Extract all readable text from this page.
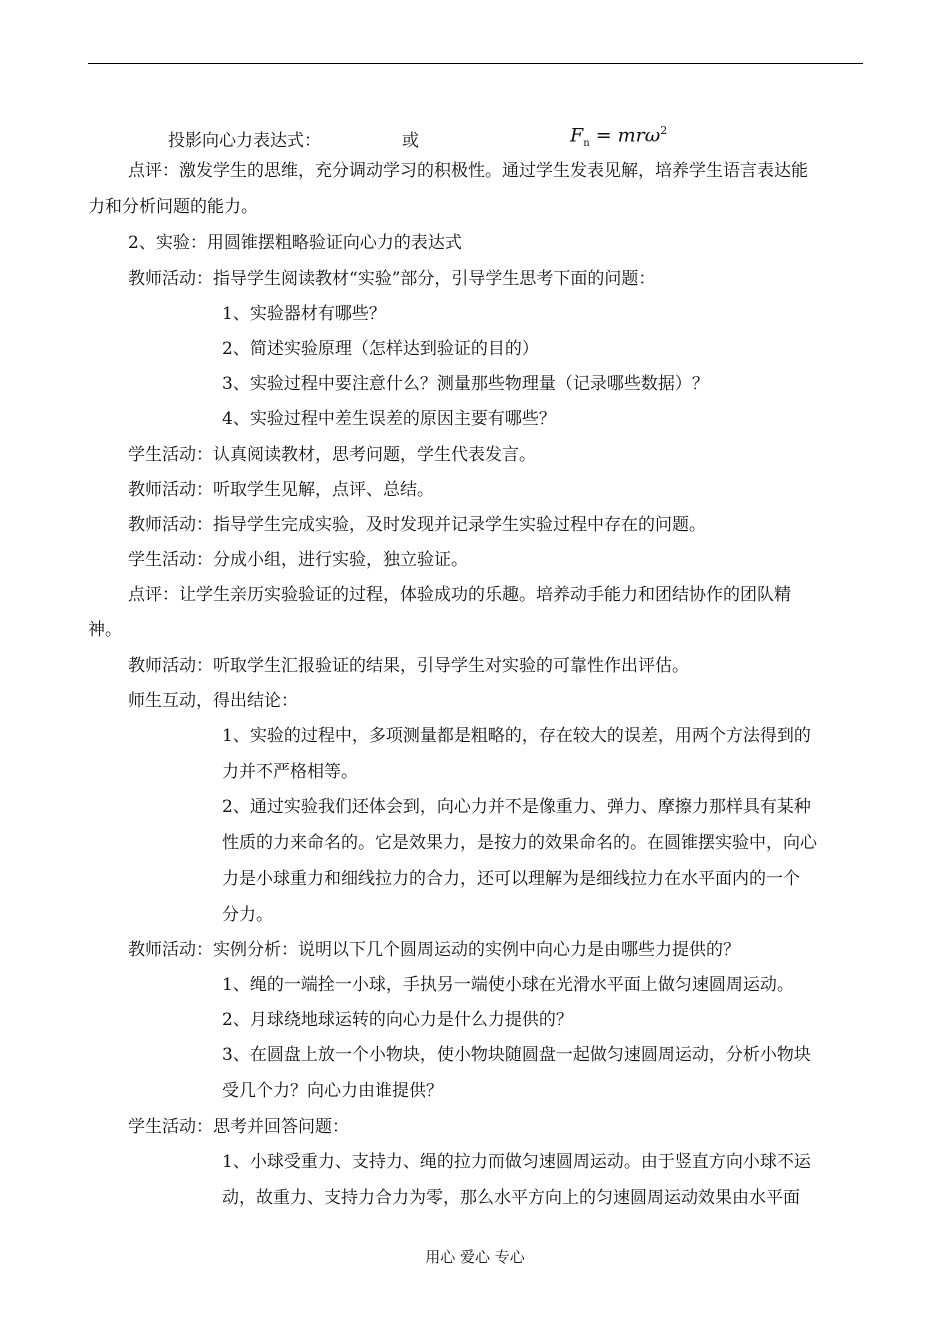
投影向心力表达式：	或	$F_n = mr\omega^2$
点评：激发学生的思维，充分调动学习的积极性。通过学生发表见解，培养学生语言表达能
力和分析问题的能力。
2、实验：用圆锥摆粗略验证向心力的表达式
教师活动：指导学生阅读教材“实验”部分，引导学生思考下面的问题：
1、实验器材有哪些？
2、简述实验原理（怎样达到验证的目的）
3、实验过程中要注意什么？测量那些物理量（记录哪些数据）？
4、实验过程中差生误差的原因主要有哪些？
学生活动：认真阅读教材，思考问题，学生代表发言。
教师活动：听取学生见解，点评、总结。
教师活动：指导学生完成实验，及时发现并记录学生实验过程中存在的问题。
学生活动：分成小组，进行实验，独立验证。
点评：让学生亲历实验验证的过程，体验成功的乐趣。培养动手能力和团结协作的团队精
神。
教师活动：听取学生汇报验证的结果，引导学生对实验的可靠性作出评估。
师生互动，得出结论：
1、实验的过程中，多项测量都是粗略的，存在较大的误差，用两个方法得到的
力并不严格相等。
2、通过实验我们还体会到，向心力并不是像重力、弹力、摩擦力那样具有某种
性质的力来命名的。它是效果力，是按力的效果命名的。在圆锥摆实验中，向心
力是小球重力和细线拉力的合力，还可以理解为是细线拉力在水平面内的一个
分力。
教师活动：实例分析：说明以下几个圆周运动的实例中向心力是由哪些力提供的？
1、绳的一端拴一小球，手执另一端使小球在光滑水平面上做匀速圆周运动。
2、月球绕地球运转的向心力是什么力提供的？
3、在圆盘上放一个小物块，使小物块随圆盘一起做匀速圆周运动，分析小物块
受几个力？向心力由谁提供？
学生活动：思考并回答问题：
1、小球受重力、支持力、绳的拉力而做匀速圆周运动。由于竖直方向小球不运
动，故重力、支持力合力为零，那么水平方向上的匀速圆周运动效果由水平面
用心 爱心 专心
